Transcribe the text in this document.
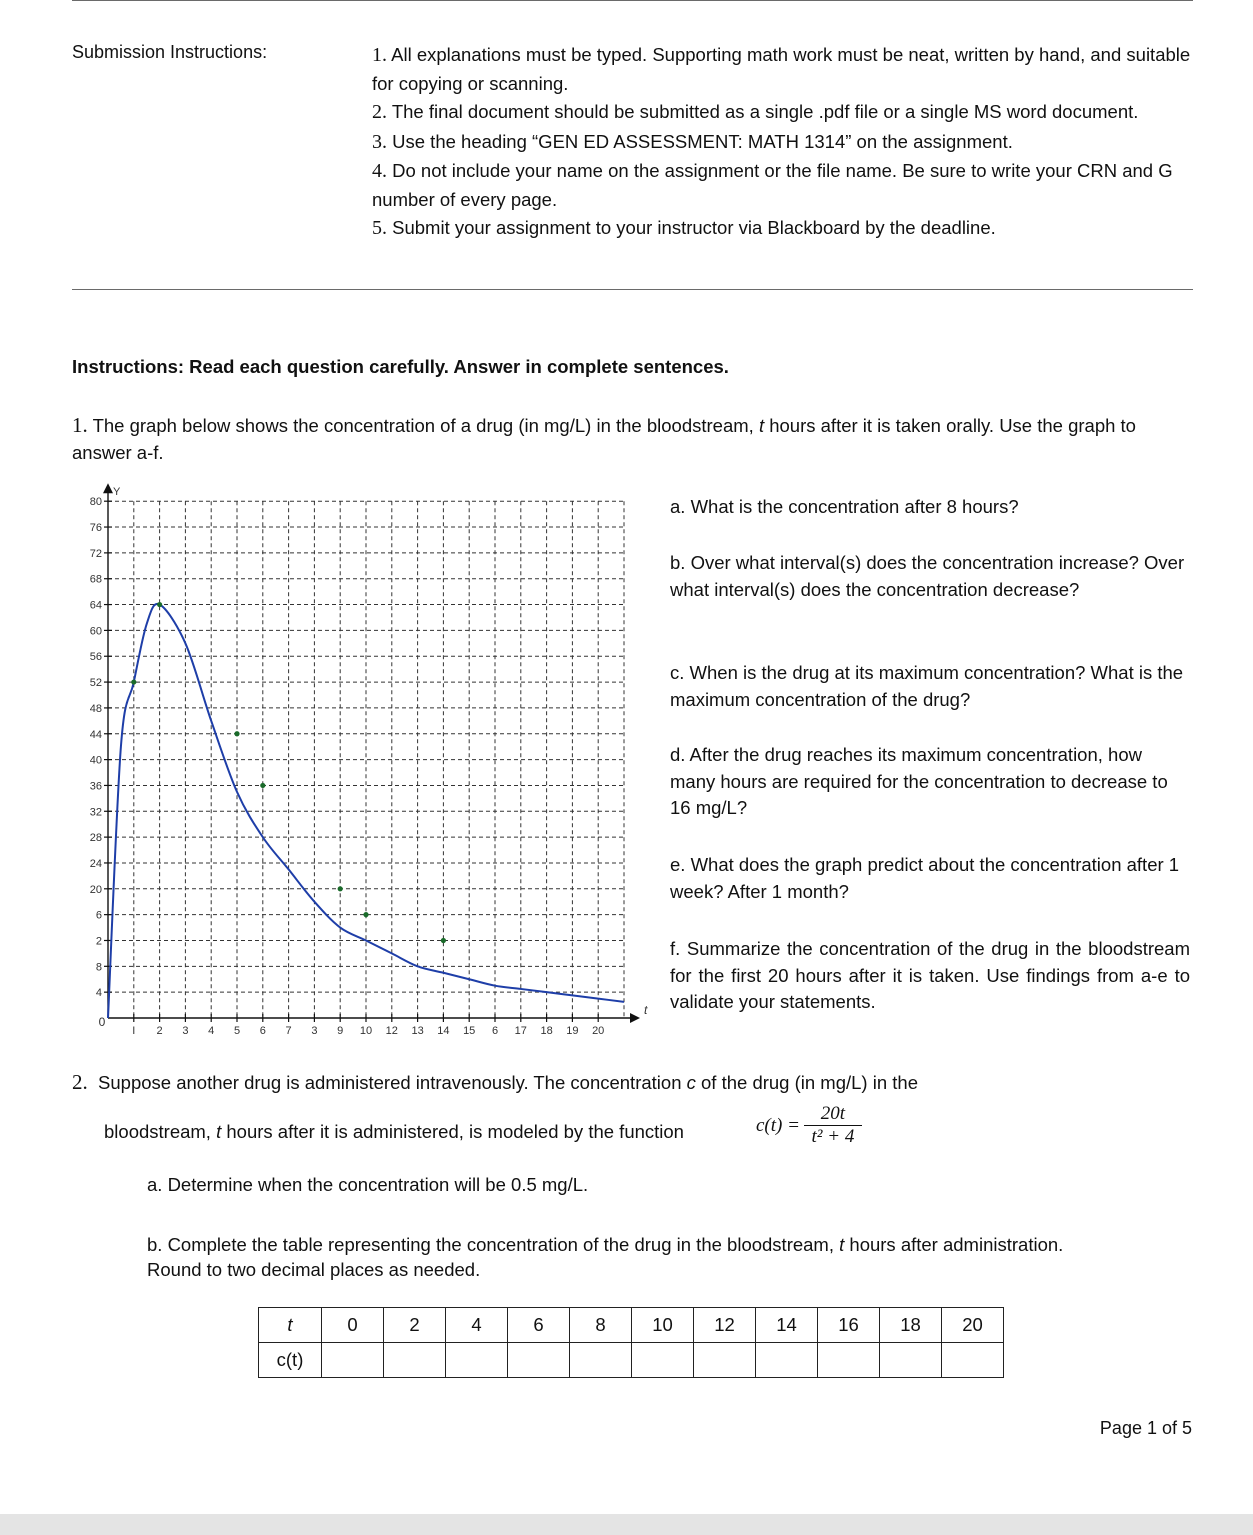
Submission Instructions:	1. All explanations must be typed. Supporting math work must be neat, written by hand, and suitable for copying or scanning.
2. The final document should be submitted as a single .pdf file or a single MS word document.
3. Use the heading “GEN ED ASSESSMENT: MATH 1314” on the assignment.
4. Do not include your name on the assignment or the file name. Be sure to write your CRN and G number of every page.
5. Submit your assignment to your instructor via Blackboard by the deadline.
Instructions: Read each question carefully. Answer in complete sentences.
1. The graph below shows the concentration of a drug (in mg/L) in the bloodstream, t hours after it is taken orally. Use the graph to answer a-f.
4
8
2
6
20
24
28
32
36
40
44
48
52
56
60
64
68
72
76
80
I 2 3 4 5 6 7 3 9 10 12 13 14 15 6 17 18 19 20
0
Y
t
a. What is the concentration after 8 hours?
b. Over what interval(s) does the concentration increase? Over what interval(s) does the concentration decrease?
c. When is the drug at its maximum concentration? What is the maximum concentration of the drug?
d. After the drug reaches its maximum concentration, how many hours are required for the concentration to decrease to 16 mg/L?
e. What does the graph predict about the concentration after 1 week? After 1 month?
f. Summarize the concentration of the drug in the bloodstream for the first 20 hours after it is taken. Use findings from a-e to validate your statements.
2. Suppose another drug is administered intravenously. The concentration c of the drug (in mg/L) in the
bloodstream, t hours after it is administered, is modeled by the function	c(t) =
20t
t² + 4
a. Determine when the concentration will be 0.5 mg/L.
b. Complete the table representing the concentration of the drug in the bloodstream, t hours after administration. Round to two decimal places as needed.
t	0	2	4	6	8	10	12	14	16	18	20
c(t)											
Page 1 of 5
